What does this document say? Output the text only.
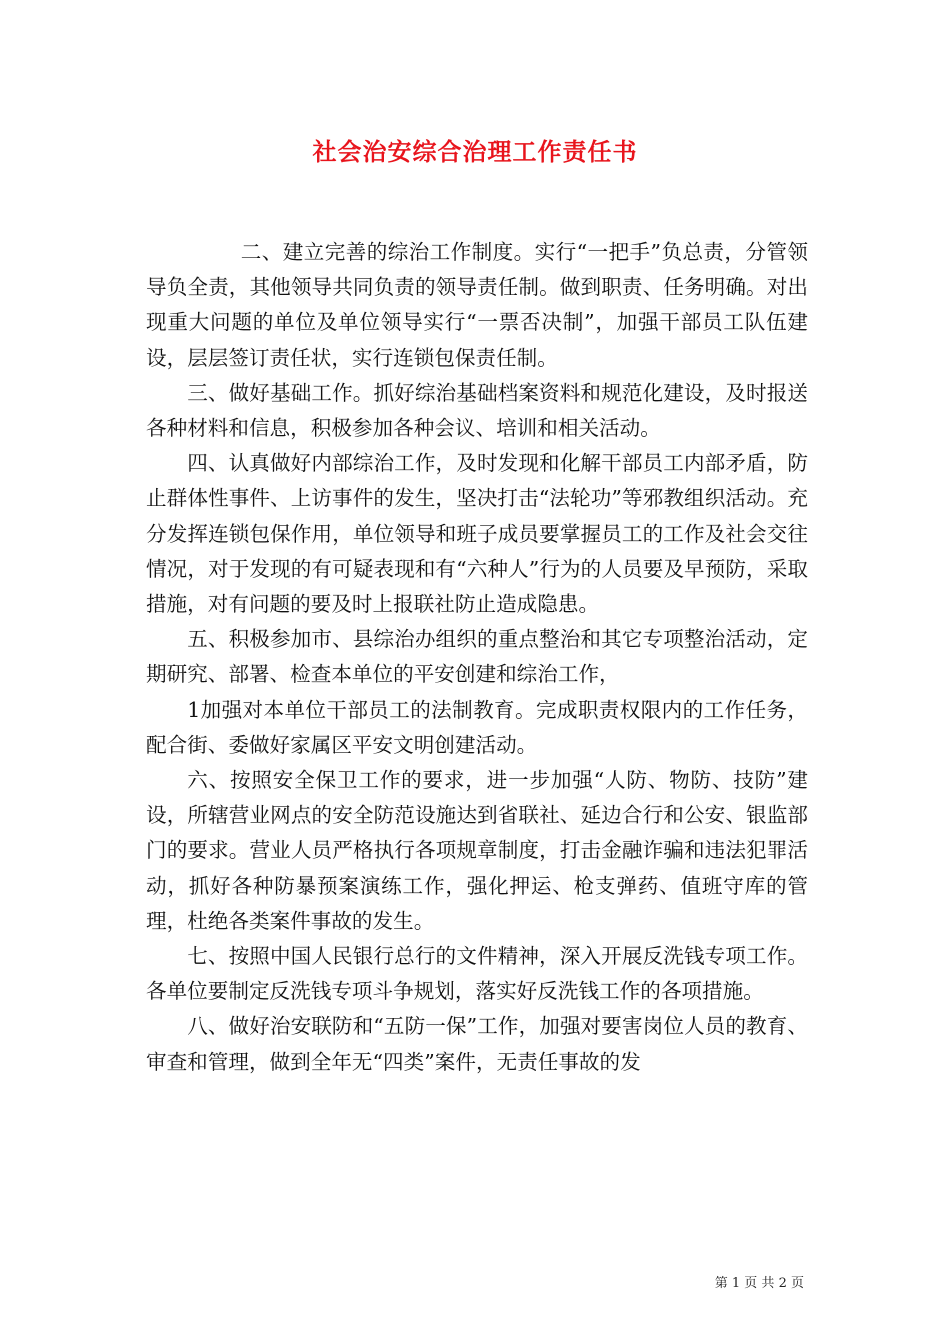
社会治安综合治理工作责任书

二、建立完善的综治工作制度。实行“一把手”负总责，分管领导负全责，其他领导共同负责的领导责任制。做到职责、任务明确。对出现重大问题的单位及单位领导实行“一票否决制”，加强干部员工队伍建设，层层签订责任状，实行连锁包保责任制。

三、做好基础工作。抓好综治基础档案资料和规范化建设，及时报送各种材料和信息，积极参加各种会议、培训和相关活动。

四、认真做好内部综治工作，及时发现和化解干部员工内部矛盾，防止群体性事件、上访事件的发生，坚决打击“法轮功”等邪教组织活动。充分发挥连锁包保作用，单位领导和班子成员要掌握员工的工作及社会交往情况，对于发现的有可疑表现和有“六种人”行为的人员要及早预防，采取措施，对有问题的要及时上报联社防止造成隐患。

五、积极参加市、县综治办组织的重点整治和其它专项整治活动，定期研究、部署、检查本单位的平安创建和综治工作，

1加强对本单位干部员工的法制教育。完成职责权限内的工作任务，配合街、委做好家属区平安文明创建活动。

六、按照安全保卫工作的要求，进一步加强“人防、物防、技防”建设，所辖营业网点的安全防范设施达到省联社、延边合行和公安、银监部门的要求。营业人员严格执行各项规章制度，打击金融诈骗和违法犯罪活动，抓好各种防暴预案演练工作，强化押运、枪支弹药、值班守库的管理，杜绝各类案件事故的发生。

七、按照中国人民银行总行的文件精神，深入开展反洗钱专项工作。各单位要制定反洗钱专项斗争规划，落实好反洗钱工作的各项措施。

八、做好治安联防和“五防一保”工作，加强对要害岗位人员的教育、审查和管理，做到全年无“四类”案件，无责任事故的发

第 1 页 共 2 页
